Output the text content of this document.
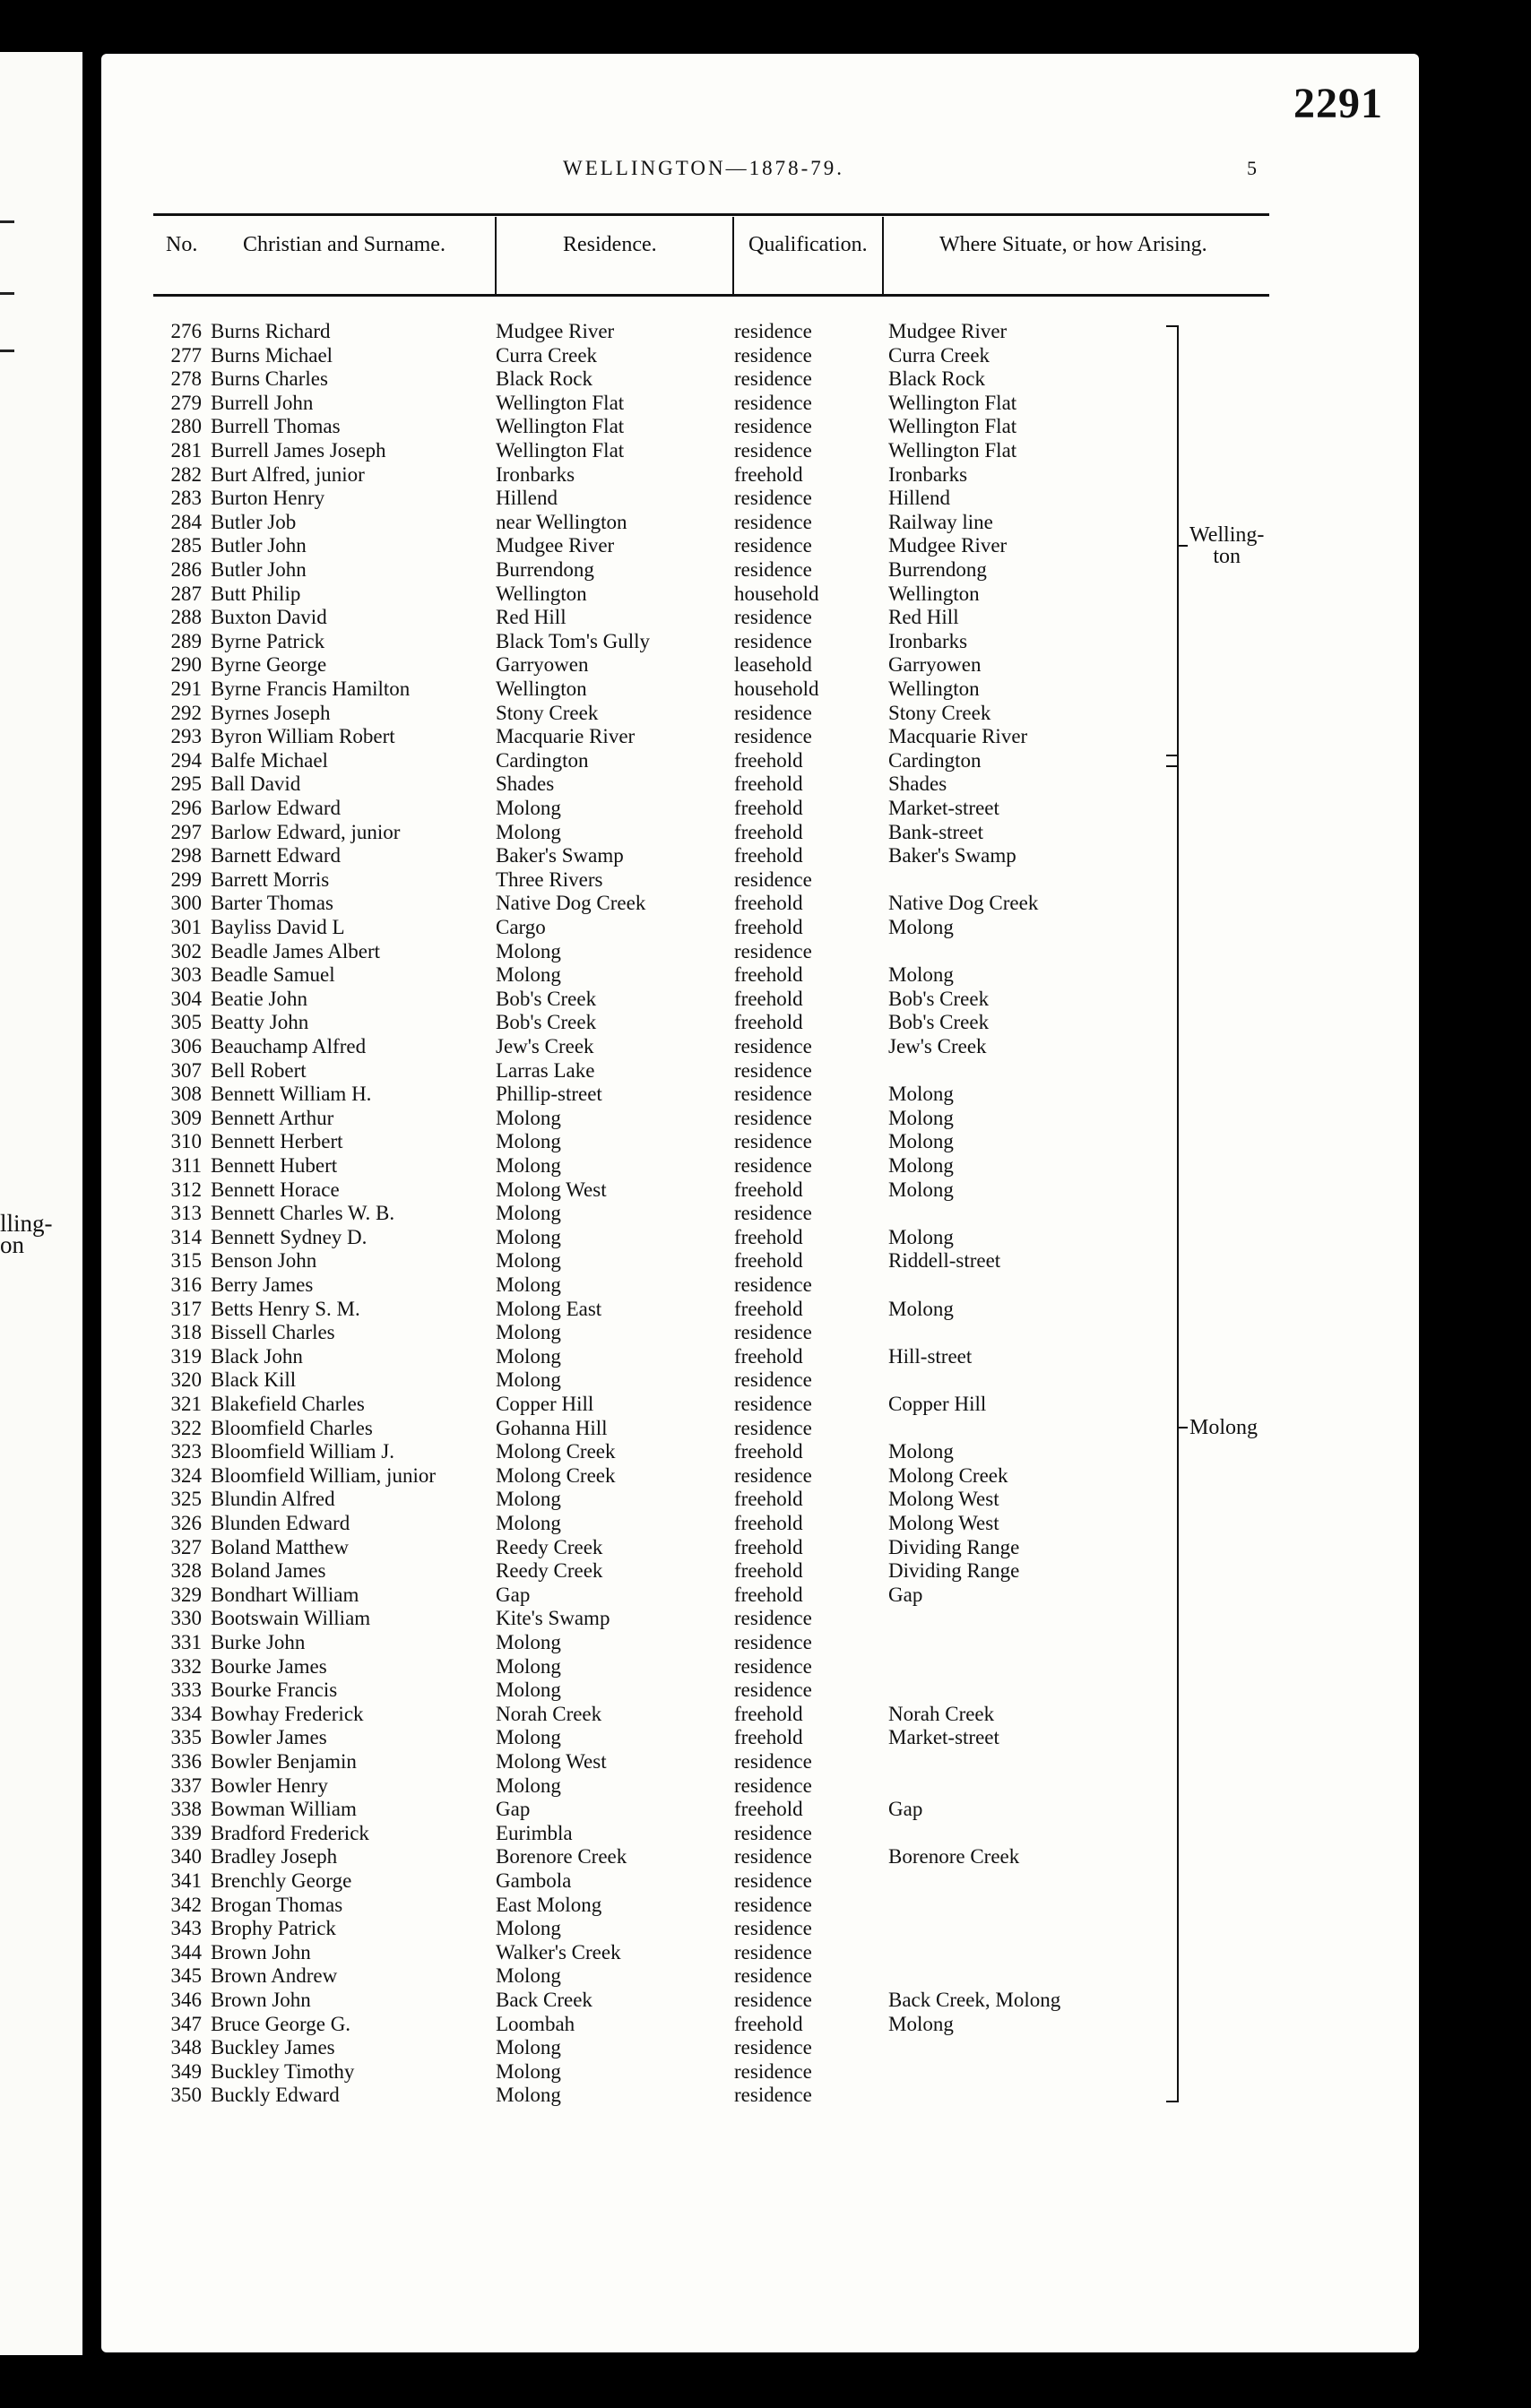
lling-
on
2291
WELLINGTON—1878-79.	5
No. Christian and Surname.	Residence.	Qualification.	Where Situate, or how Arising.
276 Burns Richard	Mudgee River	residence	Mudgee River
277 Burns Michael	Curra Creek	residence	Curra Creek
278 Burns Charles	Black Rock	residence	Black Rock
279 Burrell John	Wellington Flat	residence	Wellington Flat
280 Burrell Thomas	Wellington Flat	residence	Wellington Flat
281 Burrell James Joseph	Wellington Flat	residence	Wellington Flat
282 Burt Alfred, junior	Ironbarks	freehold	Ironbarks
283 Burton Henry	Hillend	residence	Hillend
284 Butler Job	near Wellington	residence	Railway line
285 Butler John	Mudgee River	residence	Mudgee River
286 Butler John	Burrendong	residence	Burrendong
287 Butt Philip	Wellington	household	Wellington
288 Buxton David	Red Hill	residence	Red Hill
289 Byrne Patrick	Black Tom's Gully	residence	Ironbarks
290 Byrne George	Garryowen	leasehold	Garryowen
291 Byrne Francis Hamilton	Wellington	household	Wellington
292 Byrnes Joseph	Stony Creek	residence	Stony Creek
293 Byron William Robert	Macquarie River	residence	Macquarie River
294 Balfe Michael	Cardington	freehold	Cardington
295 Ball David	Shades	freehold	Shades
296 Barlow Edward	Molong	freehold	Market-street
297 Barlow Edward, junior	Molong	freehold	Bank-street
298 Barnett Edward	Baker's Swamp	freehold	Baker's Swamp
299 Barrett Morris	Three Rivers	residence
300 Barter Thomas	Native Dog Creek	freehold	Native Dog Creek
301 Bayliss David L	Cargo	freehold	Molong
302 Beadle James Albert	Molong	residence
303 Beadle Samuel	Molong	freehold	Molong
304 Beatie John	Bob's Creek	freehold	Bob's Creek
305 Beatty John	Bob's Creek	freehold	Bob's Creek
306 Beauchamp Alfred	Jew's Creek	residence	Jew's Creek
307 Bell Robert	Larras Lake	residence
308 Bennett William H.	Phillip-street	residence	Molong
309 Bennett Arthur	Molong	residence	Molong
310 Bennett Herbert	Molong	residence	Molong
311 Bennett Hubert	Molong	residence	Molong
312 Bennett Horace	Molong West	freehold	Molong
313 Bennett Charles W. B.	Molong	residence
314 Bennett Sydney D.	Molong	freehold	Molong
315 Benson John	Molong	freehold	Riddell-street
316 Berry James	Molong	residence
317 Betts Henry S. M.	Molong East	freehold	Molong
318 Bissell Charles	Molong	residence
319 Black John	Molong	freehold	Hill-street
320 Black Kill	Molong	residence
321 Blakefield Charles	Copper Hill	residence	Copper Hill
322 Bloomfield Charles	Gohanna Hill	residence
323 Bloomfield William J.	Molong Creek	freehold	Molong
324 Bloomfield William, junior	Molong Creek	residence	Molong Creek
325 Blundin Alfred	Molong	freehold	Molong West
326 Blunden Edward	Molong	freehold	Molong West
327 Boland Matthew	Reedy Creek	freehold	Dividing Range
328 Boland James	Reedy Creek	freehold	Dividing Range
329 Bondhart William	Gap	freehold	Gap
330 Bootswain William	Kite's Swamp	residence
331 Burke John	Molong	residence
332 Bourke James	Molong	residence
333 Bourke Francis	Molong	residence
334 Bowhay Frederick	Norah Creek	freehold	Norah Creek
335 Bowler James	Molong	freehold	Market-street
336 Bowler Benjamin	Molong West	residence
337 Bowler Henry	Molong	residence
338 Bowman William	Gap	freehold	Gap
339 Bradford Frederick	Eurimbla	residence
340 Bradley Joseph	Borenore Creek	residence	Borenore Creek
341 Brenchly George	Gambola	residence
342 Brogan Thomas	East Molong	residence
343 Brophy Patrick	Molong	residence
344 Brown John	Walker's Creek	residence
345 Brown Andrew	Molong	residence
346 Brown John	Back Creek	residence	Back Creek, Molong
347 Bruce George G.	Loombah	freehold	Molong
348 Buckley James	Molong	residence
349 Buckley Timothy	Molong	residence
350 Buckly Edward	Molong	residence
Welling-
ton
Molong
